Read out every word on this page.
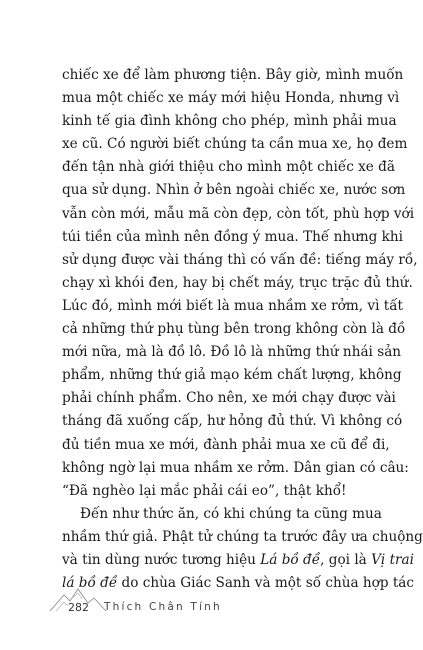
chiếc xe để làm phương tiện. Bây giờ, mình muốn
mua một chiếc xe máy mới hiệu Honda, nhưng vì
kinh tế gia đình không cho phép, mình phải mua
xe cũ. Có người biết chúng ta cần mua xe, họ đem
đến tận nhà giới thiệu cho mình một chiếc xe đã
qua sử dụng. Nhìn ở bên ngoài chiếc xe, nước sơn
vẫn còn mới, mẫu mã còn đẹp, còn tốt, phù hợp với
túi tiền của mình nên đồng ý mua. Thế nhưng khi
sử dụng được vài tháng thì có vấn đề: tiếng máy rồ,
chạy xì khói đen, hay bị chết máy, trục trặc đủ thứ.
Lúc đó, mình mới biết là mua nhầm xe rởm, vì tất
cả những thứ phụ tùng bên trong không còn là đồ
mới nữa, mà là đồ lô. Đồ lô là những thứ nhái sản
phẩm, những thứ giả mạo kém chất lượng, không
phải chính phẩm. Cho nên, xe mới chạy được vài
tháng đã xuống cấp, hư hỏng đủ thứ. Vì không có
đủ tiền mua xe mới, đành phải mua xe cũ để đi,
không ngờ lại mua nhầm xe rởm. Dân gian có câu:
“Đã nghèo lại mắc phải cái eo”, thật khổ!

Đến như thức ăn, có khi chúng ta cũng mua
nhầm thứ giả. Phật tử chúng ta trước đây ưa chuộng
và tin dùng nước tương hiệu Lá bồ đề, gọi là Vị trai
lá bồ đề do chùa Giác Sanh và một số chùa hợp tác

282 Thích Chân Tính
